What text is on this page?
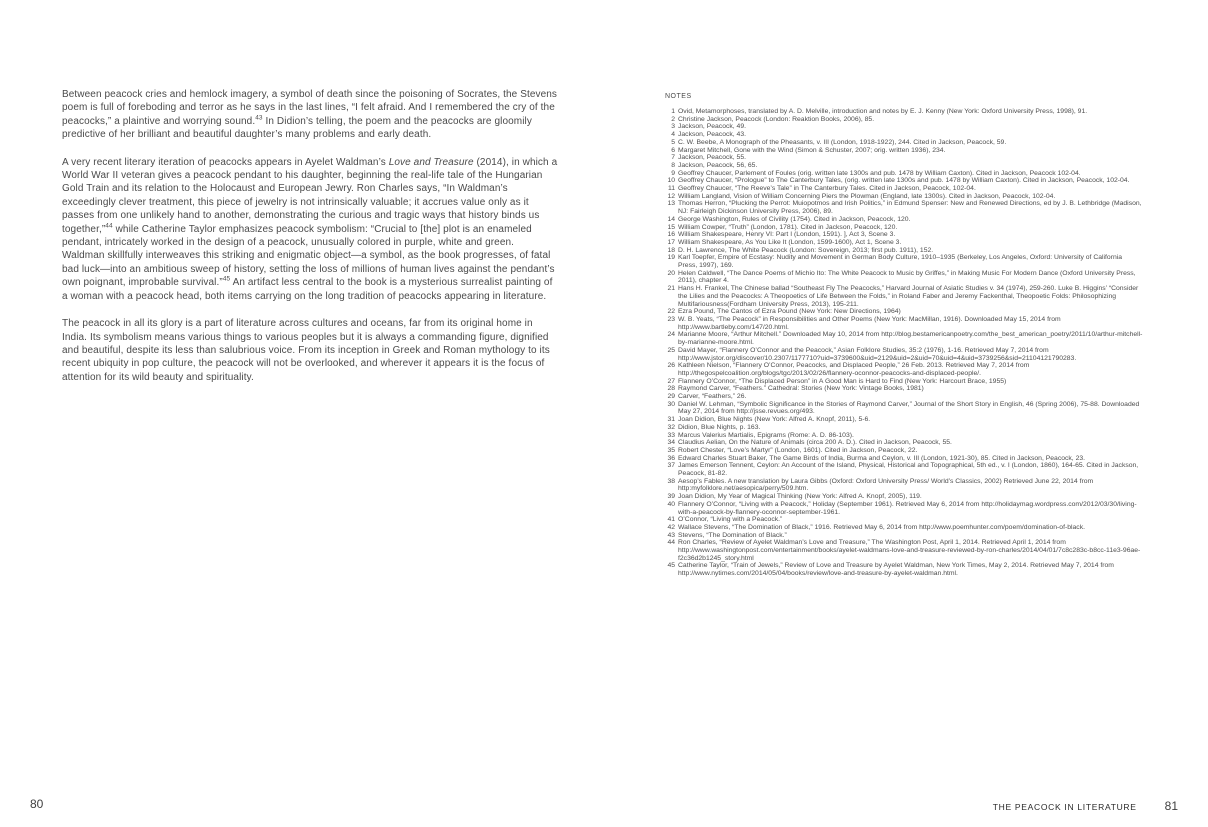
Between peacock cries and hemlock imagery, a symbol of death since the poisoning of Socrates, the Stevens poem is full of foreboding and terror as he says in the last lines, “I felt afraid. And I remembered the cry of the peacocks,” a plaintive and worrying sound.$^{43}$ In Didion’s telling, the poem and the peacocks are gloomily predictive of her brilliant and beautiful daughter’s many problems and early death.

A very recent literary iteration of peacocks appears in Ayelet Waldman’s Love and Treasure (2014), in which a World War II veteran gives a peacock pendant to his daughter, beginning the real-life tale of the Hungarian Gold Train and its relation to the Holocaust and European Jewry. Ron Charles says, “In Waldman’s exceedingly clever treatment, this piece of jewelry is not intrinsically valuable; it accrues value only as it passes from one unlikely hand to another, demonstrating the curious and tragic ways that history binds us together,”$^{44}$ while Catherine Taylor emphasizes peacock symbolism: “Crucial to [the] plot is an enameled pendant, intricately worked in the design of a peacock, unusually colored in purple, white and green. Waldman skillfully interweaves this striking and enigmatic object—a symbol, as the book progresses, of fatal bad luck—into an ambitious sweep of history, setting the loss of millions of human lives against the pendant’s own poignant, improbable survival.”$^{45}$ An artifact less central to the book is a mysterious surrealist painting of a woman with a peacock head, both items carrying on the long tradition of peacocks appearing in literature.

The peacock in all its glory is a part of literature across cultures and oceans, far from its original home in India. Its symbolism means various things to various peoples but it is always a commanding figure, dignified and beautiful, despite its less than salubrious voice. From its inception in Greek and Roman mythology to its recent ubiquity in pop culture, the peacock will not be overlooked, and wherever it appears it is the focus of attention for its wild beauty and spirituality.

80
NOTES
1 Ovid, Metamorphoses, translated by A. D. Melville, introduction and notes by E. J. Kenny (New York: Oxford University Press, 1998), 91.
2 Christine Jackson, Peacock (London: Reaktion Books, 2006), 85.
3 Jackson, Peacock, 49.
4 Jackson, Peacock, 43.
5 C. W. Beebe, A Monograph of the Pheasants, v. III (London, 1918-1922), 244. Cited in Jackson, Peacock, 59.
6 Margaret Mitchell, Gone with the Wind (Simon & Schuster, 2007; orig. written 1936), 234.
7 Jackson, Peacock, 55.
8 Jackson, Peacock, 56, 65.
9 Geoffrey Chaucer, Parlement of Foules (orig. written late 1300s and pub. 1478 by William Caxton). Cited in Jackson, Peacock 102-04.
10 Geoffrey Chaucer, “Prologue” to The Canterbury Tales, (orig. written late 1300s and pub. 1478 by William Caxton). Cited in Jackson, Peacock, 102-04.
11 Geoffrey Chaucer, “The Reeve’s Tale” in The Canterbury Tales. Cited in Jackson, Peacock, 102-04.
12 William Langland, Vision of William Concerning Piers the Plowman (England, late 1300s). Cited in Jackson, Peacock, 102-04.
13 Thomas Herron, “Plucking the Perrot: Muiopotmos and Irish Politics,” in Edmund Spenser: New and Renewed Directions, ed by J. B. Lethbridge (Madison, NJ: Fairleigh Dickinson University Press, 2006), 89.
14 George Washington, Rules of Civility (1754). Cited in Jackson, Peacock, 120.
15 William Cowper, “Truth” (London, 1781). Cited in Jackson, Peacock, 120.
16 William Shakespeare, Henry VI: Part I (London, 1591). ], Act 3, Scene 3.
17 William Shakespeare, As You Like It (London, 1599-1600), Act 1, Scene 3.
18 D. H. Lawrence, The White Peacock (London: Sovereign, 2013; first pub. 1911), 152.
19 Karl Toepfer, Empire of Ecstasy: Nudity and Movement in German Body Culture, 1910–1935 (Berkeley, Los Angeles, Oxford: University of California Press, 1997), 169.
20 Helen Caldwell, “The Dance Poems of Michio Ito: The White Peacock to Music by Griffes,” in Making Music For Modern Dance (Oxford University Press, 2011), chapter 4.
21 Hans H. Frankel, The Chinese ballad “Southeast Fly The Peacocks,” Harvard Journal of Asiatic Studies v. 34 (1974), 259-260. Luke B. Higgins’ “Consider the Lilies and the Peacocks: A Theopoetics of Life Between the Folds,” in Roland Faber and Jeremy Fackenthal, Theopoetic Folds: Philosophizing Multifariousness(Fordham University Press, 2013), 195-211.
22 Ezra Pound, The Cantos of Ezra Pound (New York: New Directions, 1964)
23 W. B. Yeats, “The Peacock” in Responsibilities and Other Poems (New York: MacMillan, 1916). Downloaded May 15, 2014 from http://www.bartleby.com/147/20.html.
24 Marianne Moore, “Arthur Mitchell.” Downloaded May 10, 2014 from http://blog.bestamericanpoetry.com/the_best_american_poetry/2011/10/arthur-mitchell-by-marianne-moore.html.
25 David Mayer, “Flannery O’Connor and the Peacock,” Asian Folklore Studies, 35:2 (1976), 1-16. Retrieved May 7, 2014 from http://www.jstor.org/discover/10.2307/1177710?uid=3739600&uid=2129&uid=2&uid=70&uid=4&uid=3739256&sid=21104121790283.
26 Kathleen Nielson, “Flannery O’Connor, Peacocks, and Displaced People,” 26 Feb. 2013. Retrieved May 7, 2014 from http://thegospelcoalition.org/blogs/tgc/2013/02/26/flannery-oconnor-peacocks-and-displaced-people/.
27 Flannery O’Connor, “The Displaced Person” in A Good Man is Hard to Find (New York: Harcourt Brace, 1955)
28 Raymond Carver, “Feathers.” Cathedral: Stories (New York: Vintage Books, 1981)
29 Carver, “Feathers,” 26.
30 Daniel W. Lehman, “Symbolic Significance in the Stories of Raymond Carver,” Journal of the Short Story in English, 46 (Spring 2006), 75-88. Downloaded May 27, 2014 from http://jsse.revues.org/493.
31 Joan Didion, Blue Nights (New York: Alfred A. Knopf, 2011), 5-6.
32 Didion, Blue Nights, p. 163.
33 Marcus Valerius Martialis, Epigrams (Rome: A. D. 86-103).
34 Claudius Aelian, On the Nature of Animals (circa 200 A. D.). Cited in Jackson, Peacock, 55.
35 Robert Chester, “Love’s Martyr” (London, 1601). Cited in Jackson, Peacock, 22.
36 Edward Charles Stuart Baker, The Game Birds of India, Burma and Ceylon, v. III (London, 1921-30), 85. Cited in Jackson, Peacock, 23.
37 James Emerson Tennent, Ceylon: An Account of the Island, Physical, Historical and Topographical, 5th ed., v. I (London, 1860), 164-65. Cited in Jackson, Peacock, 81-82.
38 Aesop’s Fables. A new translation by Laura Gibbs (Oxford: Oxford University Press/ World’s Classics, 2002) Retrieved June 22, 2014 from http:myfolklore.net/aesopica/perry/509.htm.
39 Joan Didion, My Year of Magical Thinking (New York: Alfred A. Knopf, 2005), 119.
40 Flannery O’Connor, “Living with a Peacock,” Holiday (September 1961). Retrieved May 6, 2014 from http://holidaymag.wordpress.com/2012/03/30/living-with-a-peacock-by-flannery-oconnor-september-1961.
41 O’Connor, “Living with a Peacock.”
42 Wallace Stevens, “The Domination of Black,” 1916. Retrieved May 6, 2014 from http://www.poemhunter.com/poem/domination-of-black.
43 Stevens, “The Domination of Black.”
44 Ron Charles, “Review of Ayelet Waldman’s Love and Treasure,” The Washington Post, April 1, 2014. Retrieved April 1, 2014 from http://www.washingtonpost.com/entertainment/books/ayelet-waldmans-love-and-treasure-reviewed-by-ron-charles/2014/04/01/7c8c283c-b8cc-11e3-96ae-f2c36d2b1245_story.html
45 Catherine Taylor, “Train of Jewels,” Review of Love and Treasure by Ayelet Waldman, New York Times, May 2, 2014. Retrieved May 7, 2014 from http://www.nytimes.com/2014/05/04/books/review/love-and-treasure-by-ayelet-waldman.html.
THE PEACOCK IN LITERATURE 81
